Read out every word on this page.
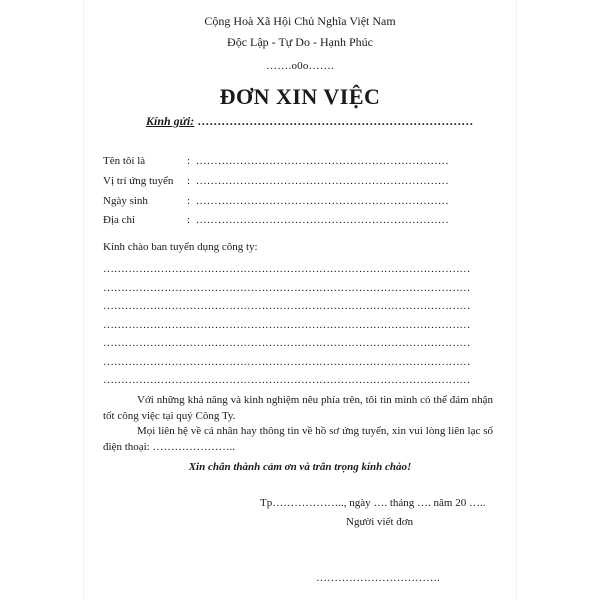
Cộng Hoà Xã Hội Chủ Nghĩa Việt Nam
Độc Lập - Tự Do - Hạnh Phúc
…….o0o…….
ĐƠN XIN VIỆC
Kính gửi: ……………………………………………………………
Tên tôi là	: ……………………………………………………………
Vị trí ứng tuyển : ……………………………………………………………
Ngày sinh	: ……………………………………………………………
Địa chỉ	: ……………………………………………………………
Kính chào ban tuyển dụng công ty:
…………………………………………………………………………………………
…………………………………………………………………………………………
…………………………………………………………………………………………
…………………………………………………………………………………………
…………………………………………………………………………………………
…………………………………………………………………………………………
…………………………………………………………………………………………
Với những khả năng và kinh nghiệm nêu phía trên, tôi tin mình có thể đảm nhận tốt công việc tại quý Công Ty.
Mọi liên hệ về cá nhân hay thông tin về hồ sơ ứng tuyển, xin vui lòng liên lạc số điện thoại: …………………..
Xin chân thành cảm ơn và trân trọng kính chào!
Tp……………….., ngày …. tháng …. năm 20 …..
Người viết đơn
…………………………….
